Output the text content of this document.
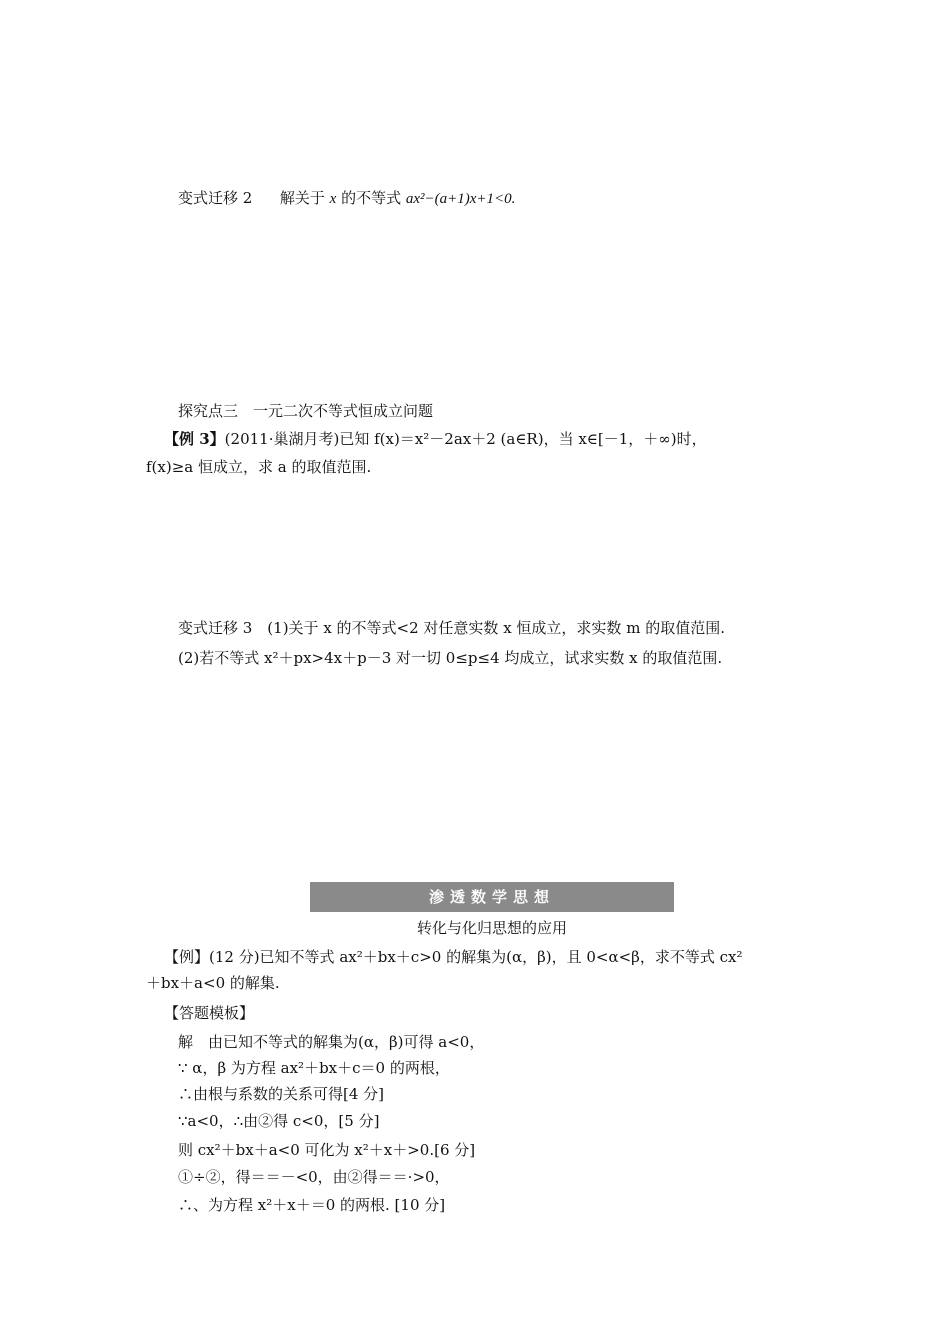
变式迁移 2 解关于 x 的不等式 ax²−(a+1)x+1<0.
探究点三　一元二次不等式恒成立问题
【例 3】(2011·巢湖月考)已知 f(x)＝x²－2ax＋2 (a∈R)，当 x∈[－1，＋∞)时，
f(x)≥a 恒成立，求 a 的取值范围.
变式迁移 3　(1)关于 x 的不等式<2 对任意实数 x 恒成立，求实数 m 的取值范围.
(2)若不等式 x²＋px>4x＋p－3 对一切 0≤p≤4 均成立，试求实数 x 的取值范围.
渗透数学思想
转化与化归思想的应用
【例】(12 分)已知不等式 ax²＋bx＋c>0 的解集为(α，β)，且 0<α<β，求不等式 cx²
＋bx＋a<0 的解集.
【答题模板】
解　由已知不等式的解集为(α，β)可得 a<0，
∵ α，β 为方程 ax²＋bx＋c＝0 的两根，
∴由根与系数的关系可得[4 分]
∵a<0，∴由②得 c<0，[5 分]
则 cx²＋bx＋a<0 可化为 x²＋x＋>0.[6 分]
①÷②，得＝＝－<0，由②得＝＝·>0，
∴、为方程 x²＋x＋＝0 的两根. [10 分]
